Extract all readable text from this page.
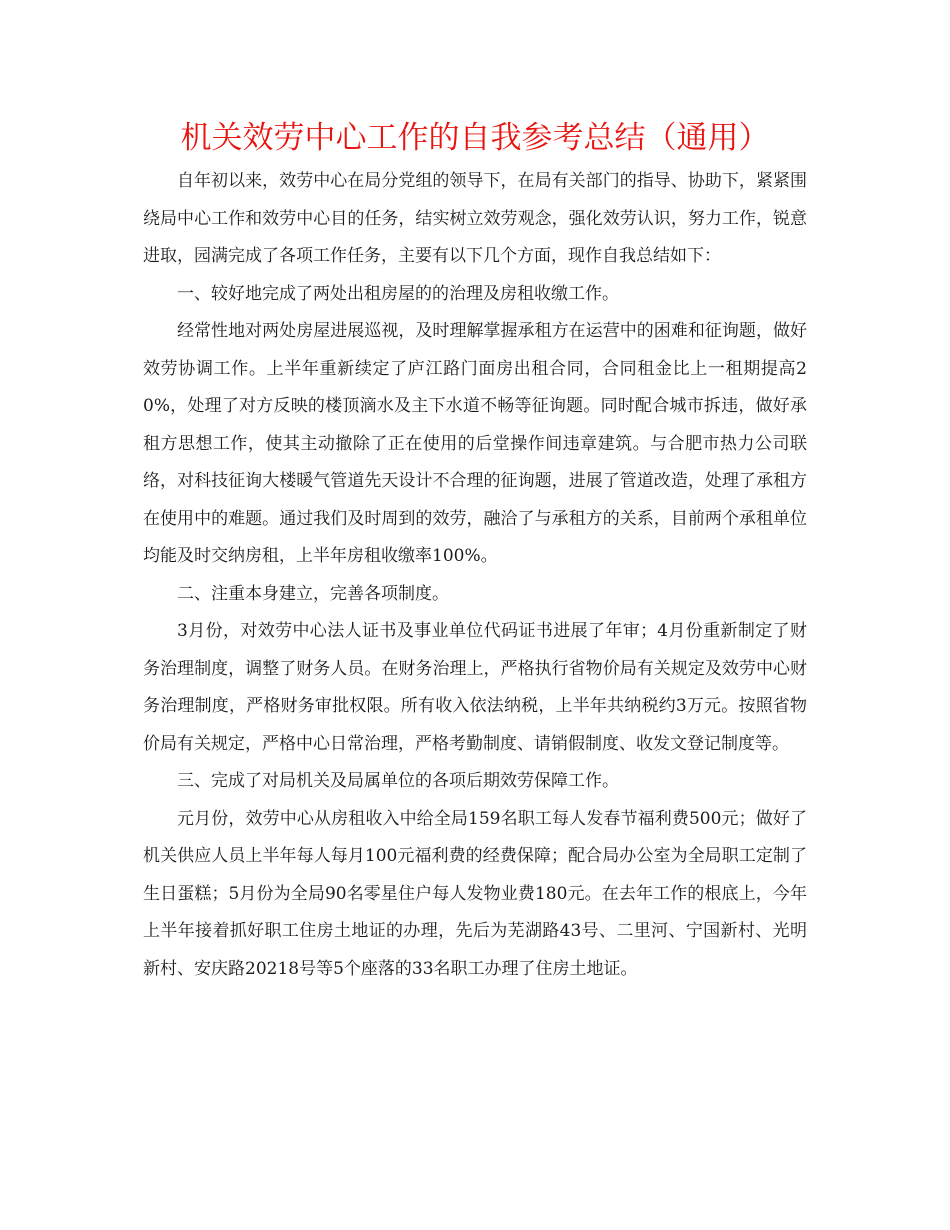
机关效劳中心工作的自我参考总结（通用）

自年初以来，效劳中心在局分党组的领导下，在局有关部门的指导、协助下，紧紧围绕局中心工作和效劳中心目的任务，结实树立效劳观念，强化效劳认识，努力工作，锐意进取，园满完成了各项工作任务，主要有以下几个方面，现作自我总结如下：

一、较好地完成了两处出租房屋的的治理及房租收缴工作。

经常性地对两处房屋进展巡视，及时理解掌握承租方在运营中的困难和征询题，做好效劳协调工作。上半年重新续定了庐江路门面房出租合同，合同租金比上一租期提高20%，处理了对方反映的楼顶滴水及主下水道不畅等征询题。同时配合城市拆违，做好承租方思想工作，使其主动撤除了正在使用的后堂操作间违章建筑。与合肥市热力公司联络，对科技征询大楼暖气管道先天设计不合理的征询题，进展了管道改造，处理了承租方在使用中的难题。通过我们及时周到的效劳，融洽了与承租方的关系，目前两个承租单位均能及时交纳房租，上半年房租收缴率100%。

二、注重本身建立，完善各项制度。

3月份，对效劳中心法人证书及事业单位代码证书进展了年审；4月份重新制定了财务治理制度，调整了财务人员。在财务治理上，严格执行省物价局有关规定及效劳中心财务治理制度，严格财务审批权限。所有收入依法纳税，上半年共纳税约3万元。按照省物价局有关规定，严格中心日常治理，严格考勤制度、请销假制度、收发文登记制度等。

三、完成了对局机关及局属单位的各项后期效劳保障工作。

元月份，效劳中心从房租收入中给全局159名职工每人发春节福利费500元；做好了机关供应人员上半年每人每月100元福利费的经费保障；配合局办公室为全局职工定制了生日蛋糕；5月份为全局90名零星住户每人发物业费180元。在去年工作的根底上，今年上半年接着抓好职工住房土地证的办理，先后为芜湖路43号、二里河、宁国新村、光明新村、安庆路20218号等5个座落的33名职工办理了住房土地证。
